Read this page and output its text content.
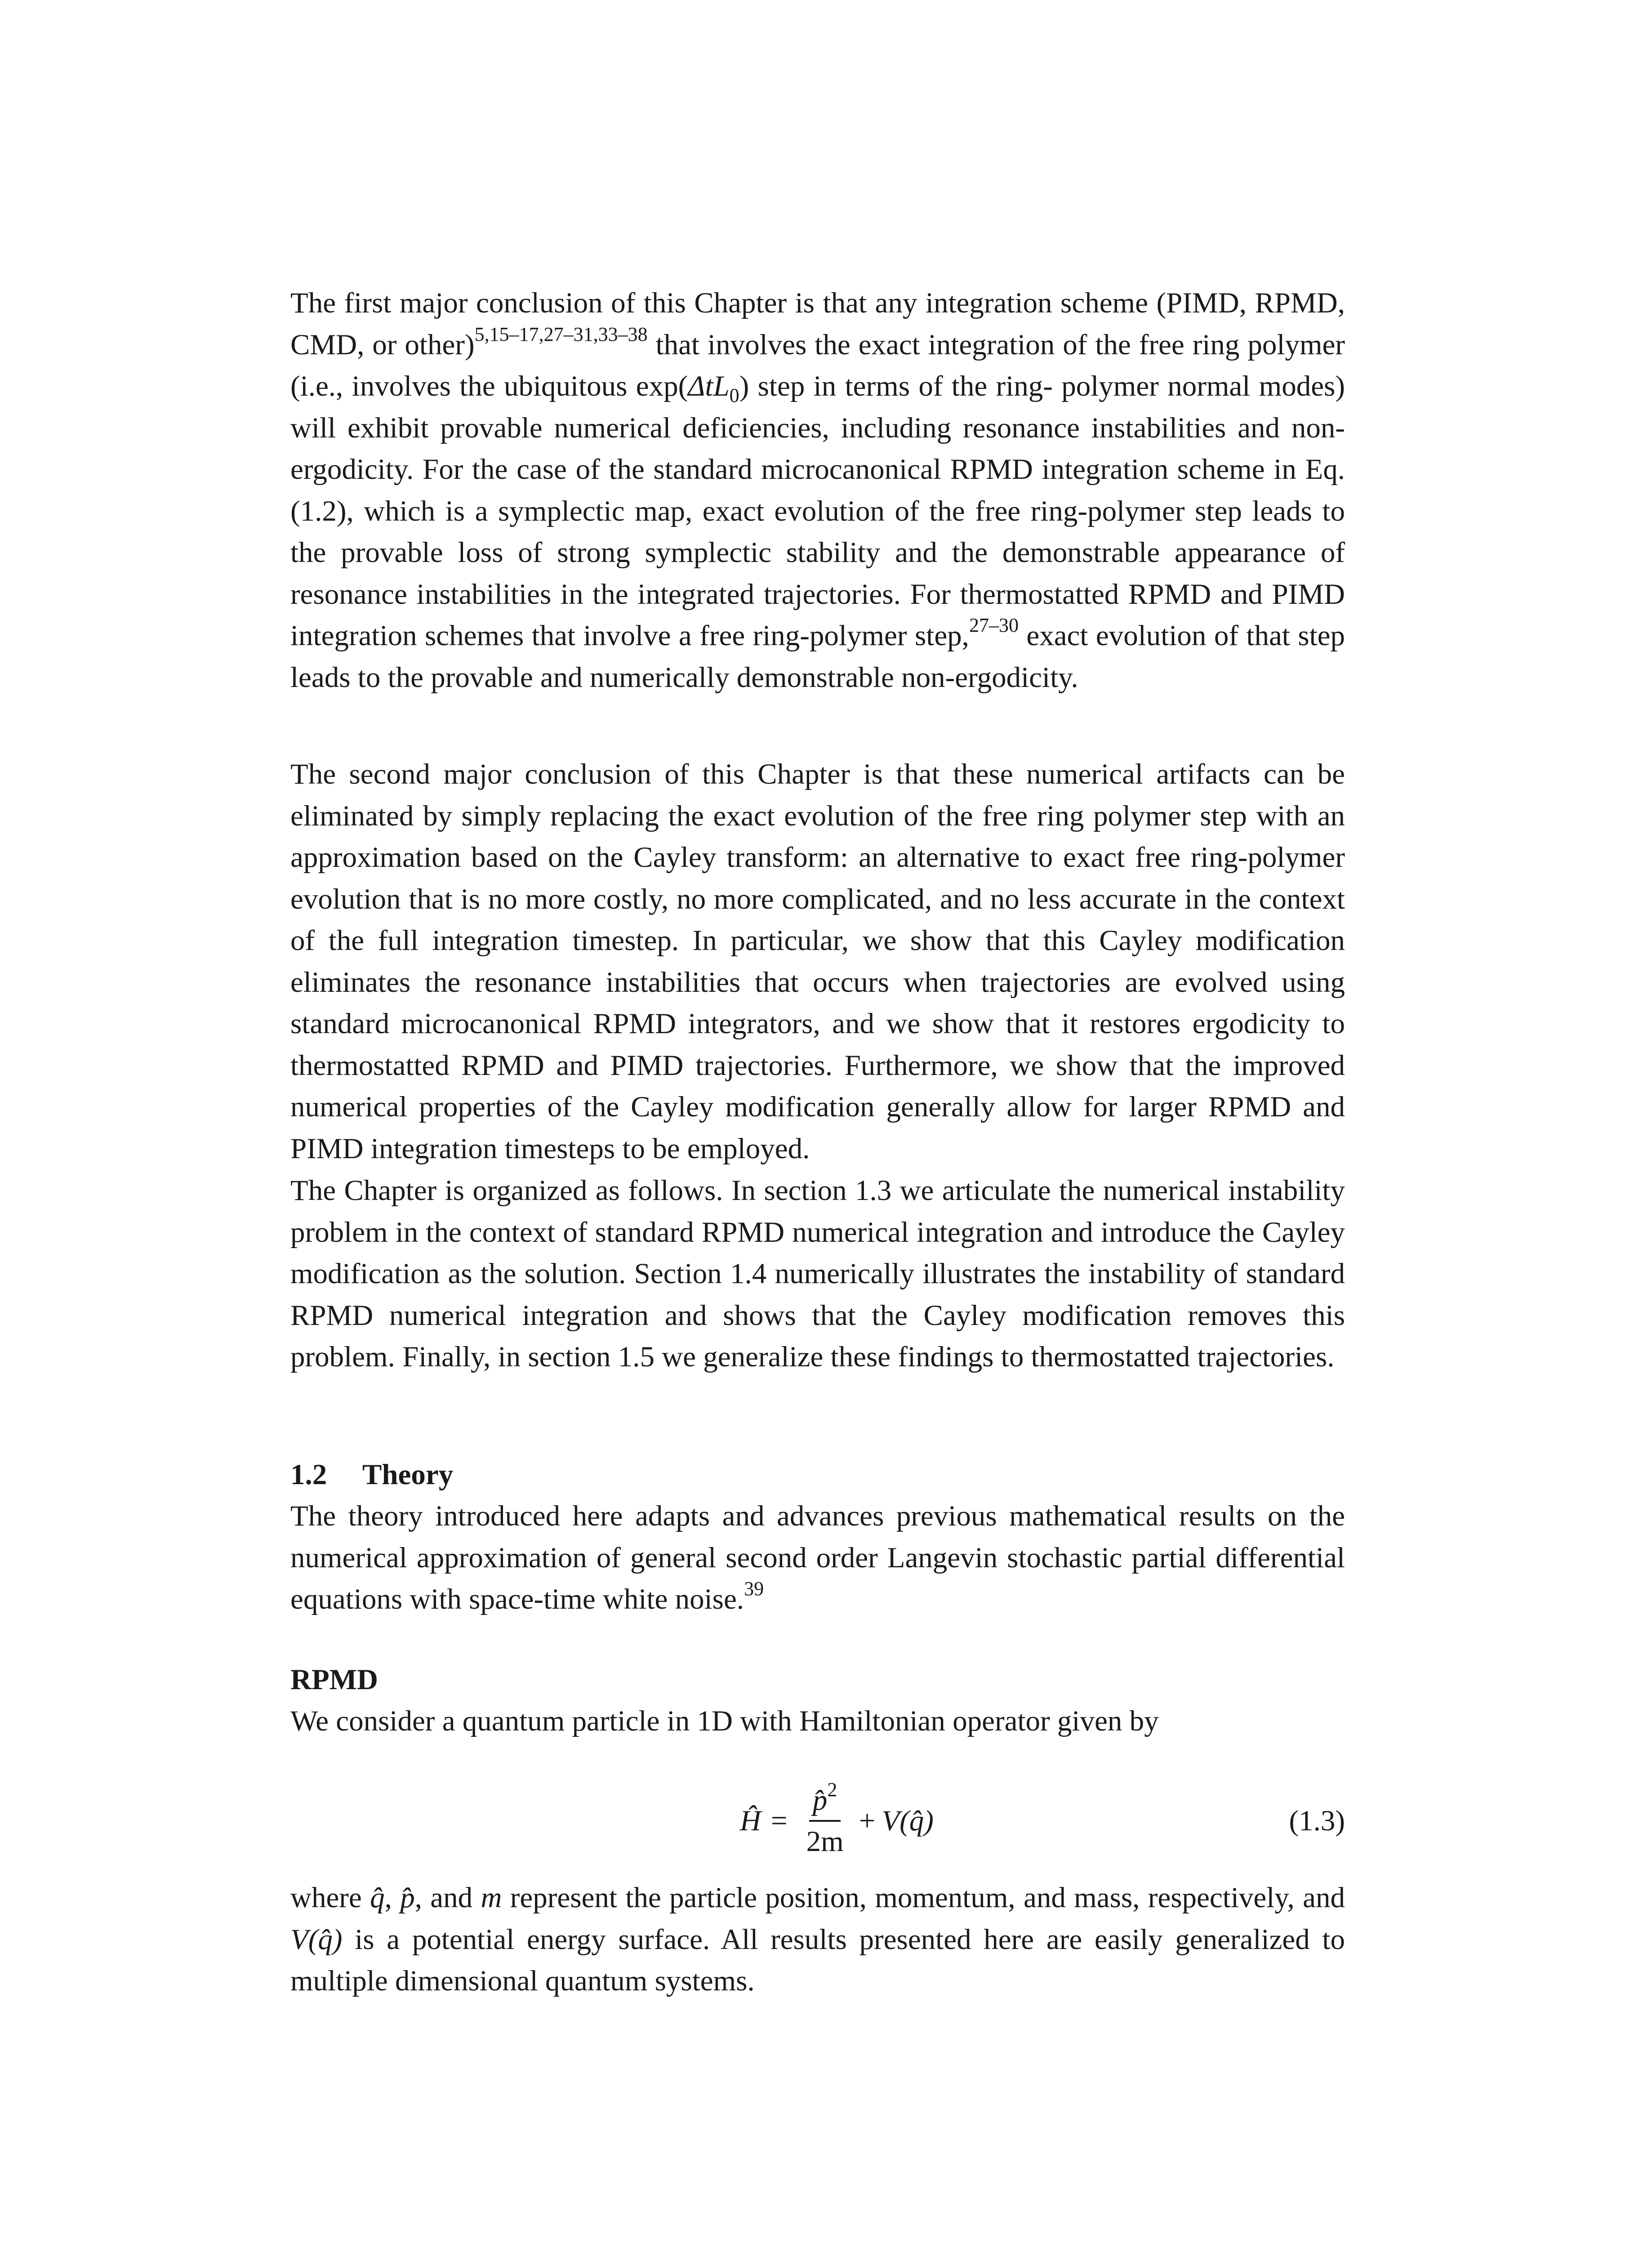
The first major conclusion of this Chapter is that any integration scheme (PIMD, RPMD, CMD, or other)$^{5,15-17,27-31,33-38}$ that involves the exact integration of the free ring polymer (i.e., involves the ubiquitous exp(ΔtL$_0$) step in terms of the ring- polymer normal modes) will exhibit provable numerical deficiencies, including resonance instabilities and non-ergodicity. For the case of the standard microcanonical RPMD integration scheme in Eq. (1.2), which is a symplectic map, exact evolution of the free ring-polymer step leads to the provable loss of strong symplectic stability and the demonstrable appearance of resonance instabilities in the integrated trajectories. For thermostatted RPMD and PIMD integration schemes that involve a free ring-polymer step,$^{27-30}$ exact evolution of that step leads to the provable and numerically demonstrable non-ergodicity.

The second major conclusion of this Chapter is that these numerical artifacts can be eliminated by simply replacing the exact evolution of the free ring polymer step with an approximation based on the Cayley transform: an alternative to exact free ring-polymer evolution that is no more costly, no more complicated, and no less accurate in the context of the full integration timestep. In particular, we show that this Cayley modification eliminates the resonance instabilities that occurs when trajectories are evolved using standard microcanonical RPMD integrators, and we show that it restores ergodicity to thermostatted RPMD and PIMD trajectories. Furthermore, we show that the improved numerical properties of the Cayley modification generally allow for larger RPMD and PIMD integration timesteps to be employed.

The Chapter is organized as follows. In section 1.3 we articulate the numerical instability problem in the context of standard RPMD numerical integration and introduce the Cayley modification as the solution. Section 1.4 numerically illustrates the instability of standard RPMD numerical integration and shows that the Cayley modification removes this problem. Finally, in section 1.5 we generalize these findings to thermostatted trajectories.

1.2 Theory

The theory introduced here adapts and advances previous mathematical results on the numerical approximation of general second order Langevin stochastic partial differential equations with space-time white noise.$^{39}$

RPMD

We consider a quantum particle in 1D with Hamiltonian operator given by

Ĥ = $\frac{p̂^2}{2m} + V$ (q̂)	(1.3)

where q̂, p̂, and m represent the particle position, momentum, and mass, respectively, and V(q̂) is a potential energy surface. All results presented here are easily generalized to multiple dimensional quantum systems.
